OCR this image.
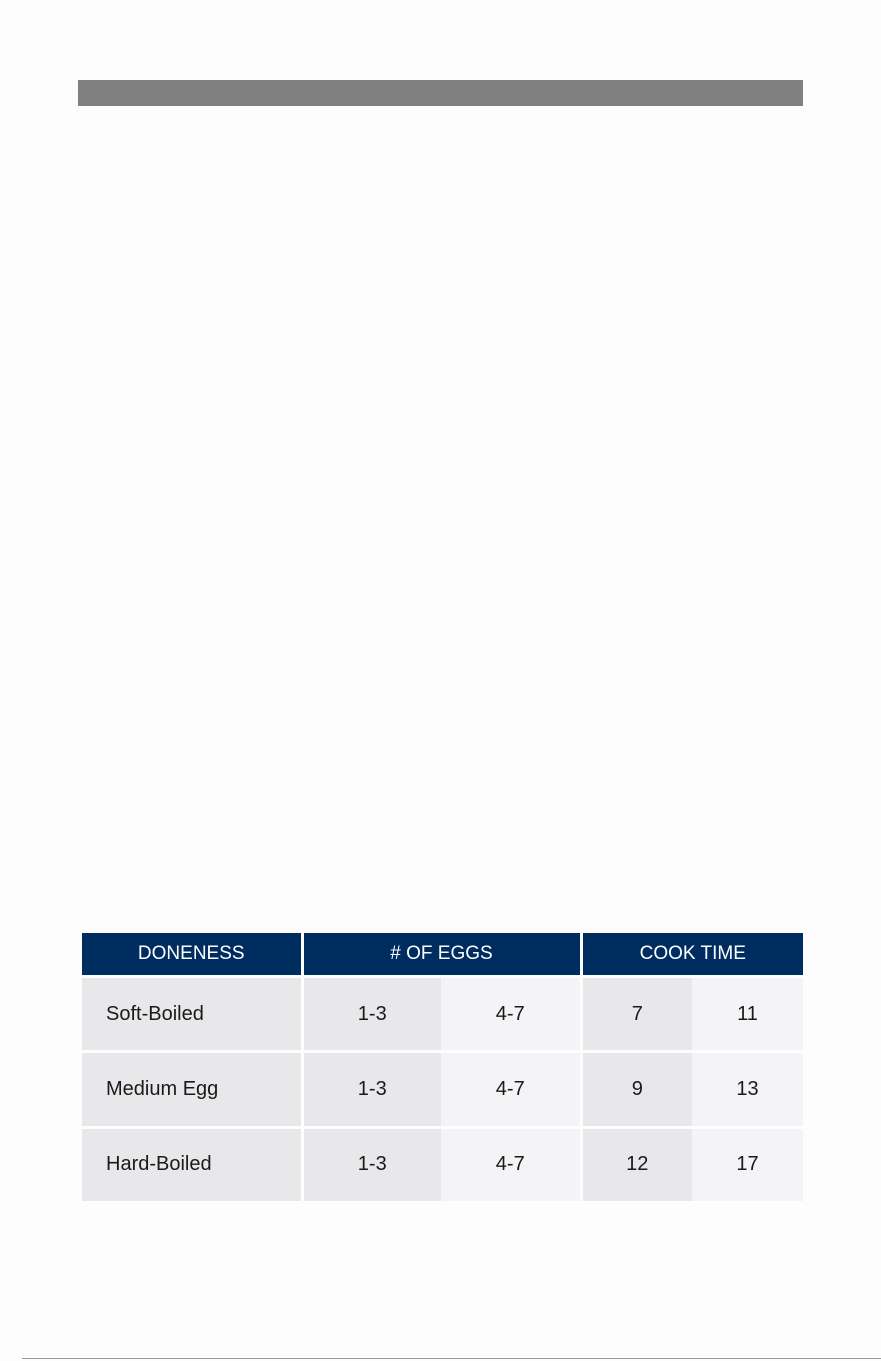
DONENESS	# OF EGGS		COOK TIME	
Soft-Boiled	1-3	4-7	7	11
Medium Egg	1-3	4-7	9	13
Hard-Boiled	1-3	4-7	12	17
